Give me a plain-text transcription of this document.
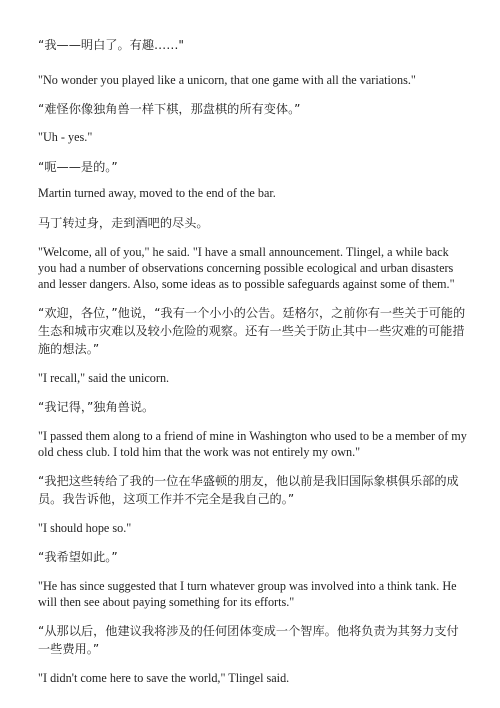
“我——明白了。有趣……"

"No wonder you played like a unicorn, that one game with all the variations."

“难怪你像独角兽一样下棋，那盘棋的所有变体。”

"Uh - yes."

“呃——是的。”

Martin turned away, moved to the end of the bar.

马丁转过身，走到酒吧的尽头。

"Welcome, all of you," he said. "I have a small announcement. Tlingel, a while back you had a number of observations concerning possible ecological and urban disasters and lesser dangers. Also, some ideas as to possible safeguards against some of them."

“欢迎，各位，”他说，“我有一个小小的公告。廷格尔，之前你有一些关于可能的生态和城市灾难以及较小危险的观察。还有一些关于防止其中一些灾难的可能措施的想法。”

"I recall," said the unicorn.

“我记得，”独角兽说。

"I passed them along to a friend of mine in Washington who used to be a member of my old chess club. I told him that the work was not entirely my own."

“我把这些转给了我的一位在华盛顿的朋友，他以前是我旧国际象棋俱乐部的成员。我告诉他，这项工作并不完全是我自己的。”

"I should hope so."

“我希望如此。”

"He has since suggested that I turn whatever group was involved into a think tank. He will then see about paying something for its efforts."

“从那以后，他建议我将涉及的任何团体变成一个智库。他将负责为其努力支付一些费用。”

"I didn't come here to save the world," Tlingel said.
